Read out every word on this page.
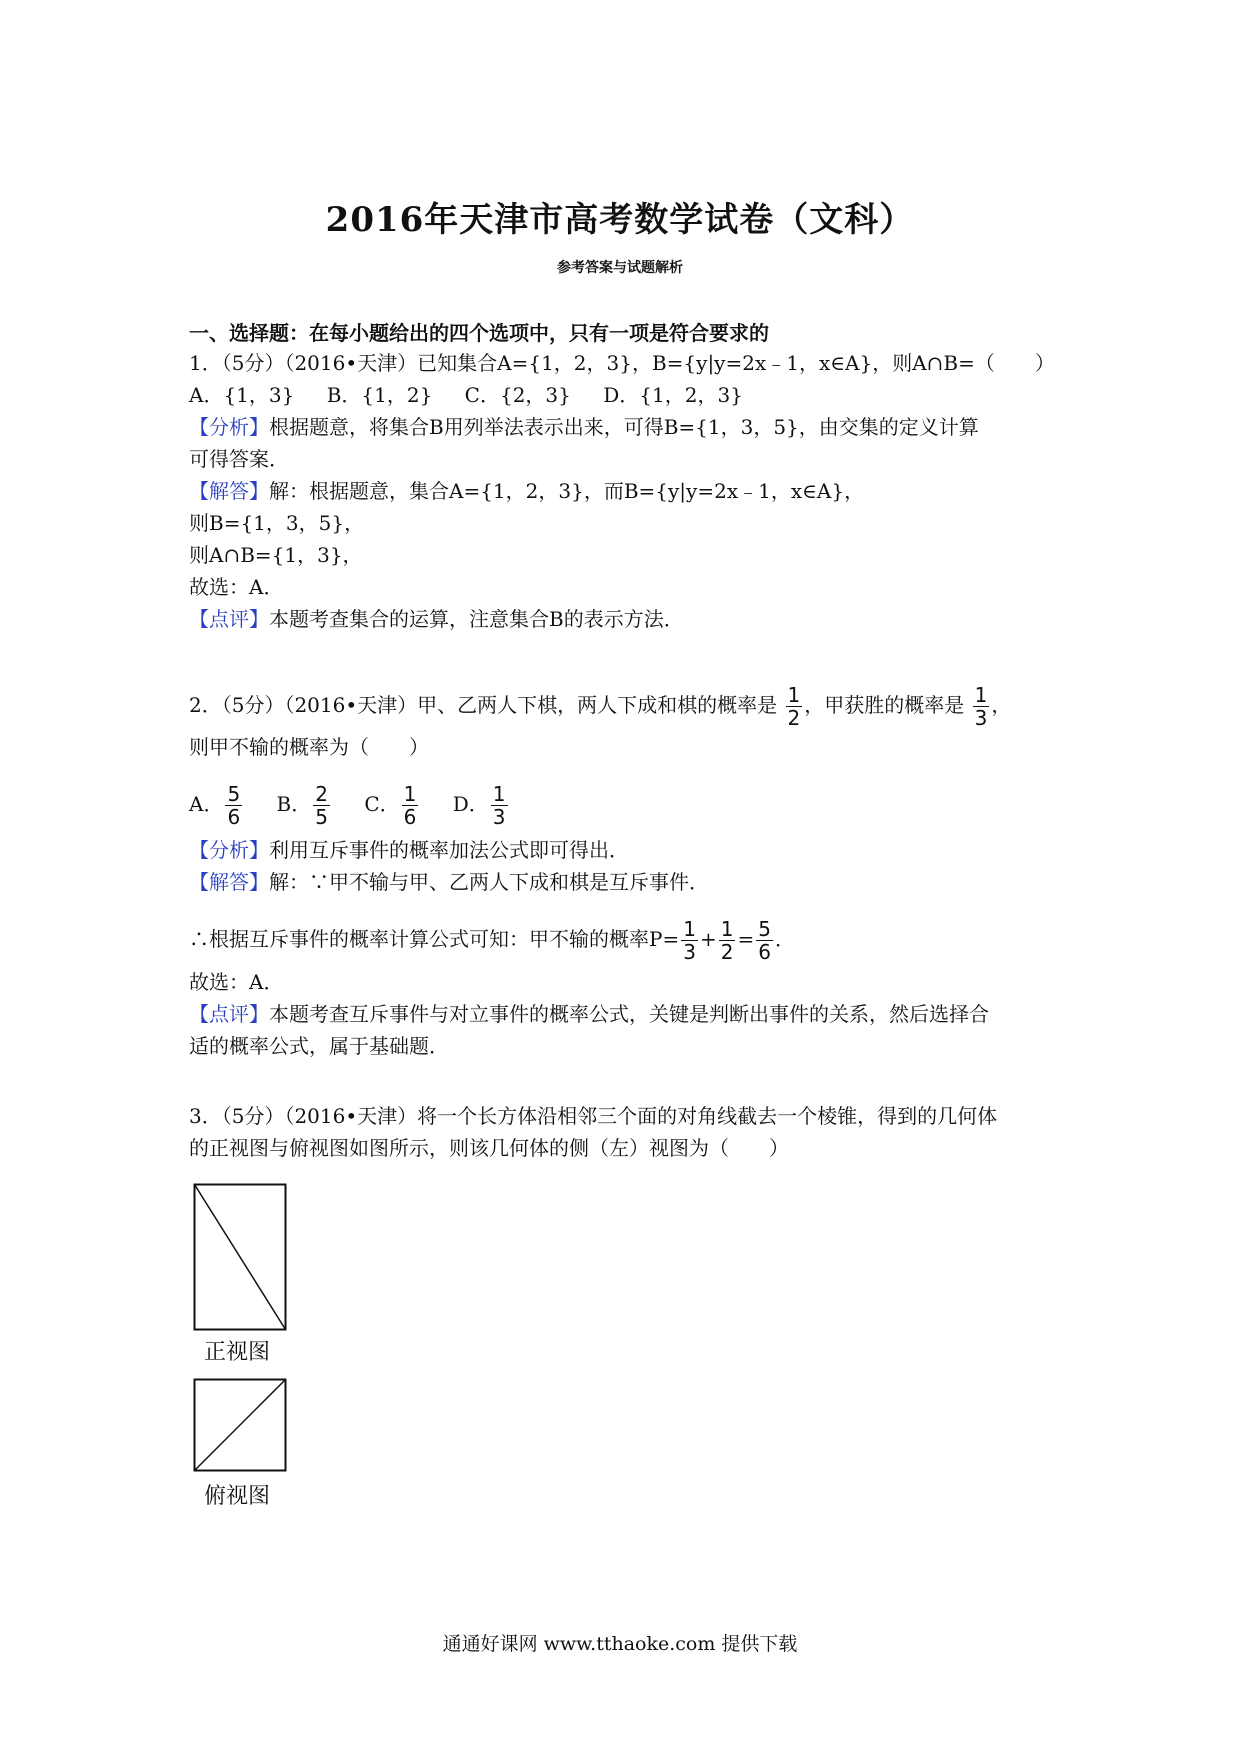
2016年天津市高考数学试卷（文科）
参考答案与试题解析
一、选择题：在每小题给出的四个选项中，只有一项是符合要求的
1．（5分）（2016•天津）已知集合A={1，2，3}，B={y|y=2x﹣1，x∈A}，则A∩B=（　　）
A．{1，3} B．{1，2} C．{2，3} D．{1，2，3}
【分析】根据题意，将集合B用列举法表示出来，可得B={1，3，5}，由交集的定义计算
可得答案．
【解答】解：根据题意，集合A={1，2，3}，而B={y|y=2x﹣1，x∈A}，
则B={1，3，5}，
则A∩B={1，3}，
故选：A．
【点评】本题考查集合的运算，注意集合B的表示方法．
2．（5分）（2016•天津）甲、乙两人下棋，两人下成和棋的概率是 $\frac{1}{2}$ ，甲获胜的概率是 $\frac{1}{3}$ ，
则甲不输的概率为（　　）
A． $\frac{5}{6}$ B． $\frac{2}{5}$ C． $\frac{1}{6}$ D． $\frac{1}{3}$
【分析】利用互斥事件的概率加法公式即可得出．
【解答】解：∵甲不输与甲、乙两人下成和棋是互斥事件．
∴根据互斥事件的概率计算公式可知：甲不输的概率$P= \frac{1}{3} + \frac{1}{2} = \frac{5}{6}$ ．
故选：A．
【点评】本题考查互斥事件与对立事件的概率公式，关键是判断出事件的关系，然后选择合
适的概率公式，属于基础题．
3．（5分）（2016•天津）将一个长方体沿相邻三个面的对角线截去一个棱锥，得到的几何体
的正视图与俯视图如图所示，则该几何体的侧（左）视图为（　　）
正视图
俯视图
通通好课网 www.tthaoke.com 提供下载
